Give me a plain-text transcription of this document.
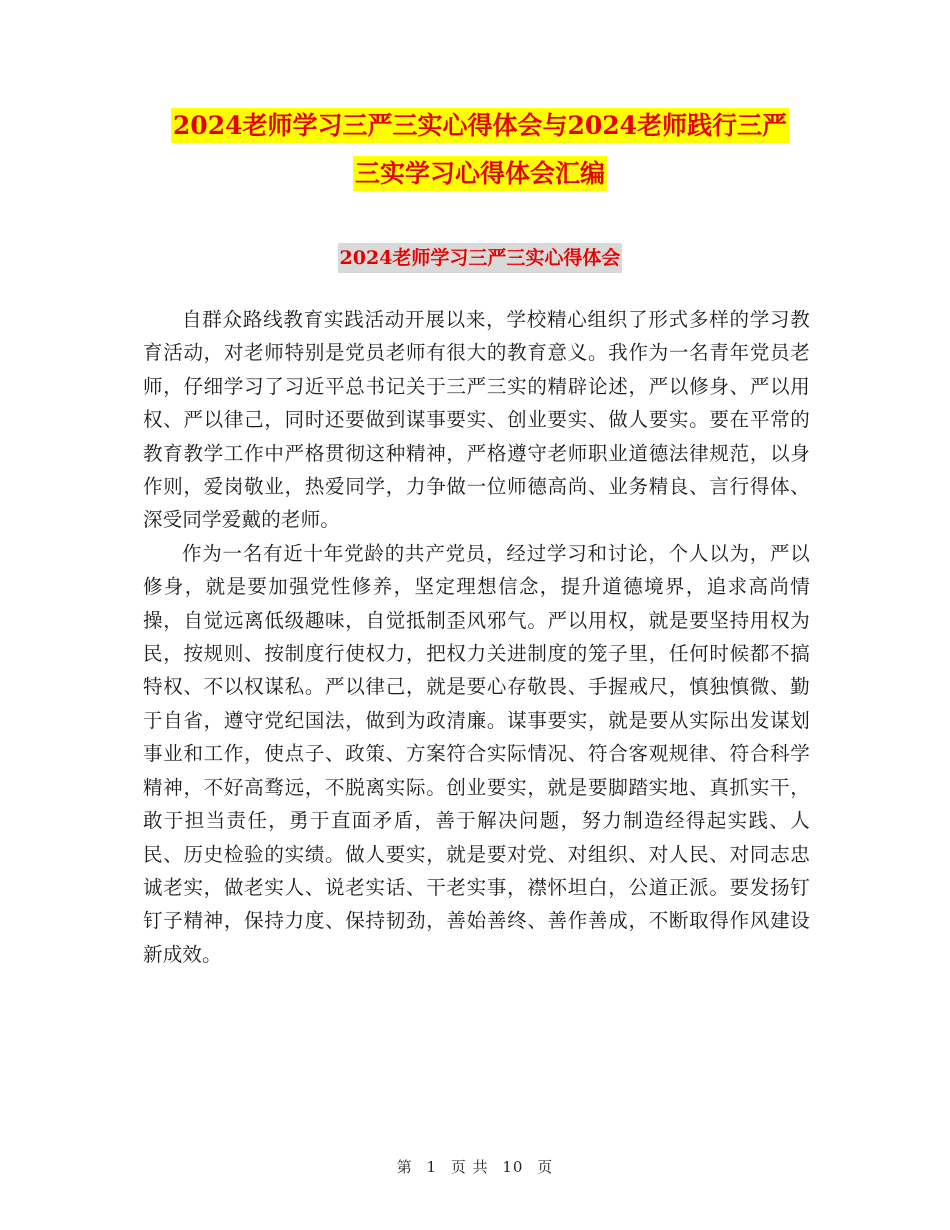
2024老师学习三严三实心得体会与2024老师践行三严
三实学习心得体会汇编
2024老师学习三严三实心得体会

自群众路线教育实践活动开展以来，学校精心组织了形式多样的学习教育活动，对老师特别是党员老师有很大的教育意义。我作为一名青年党员老师，仔细学习了习近平总书记关于三严三实的精辟论述，严以修身、严以用权、严以律己，同时还要做到谋事要实、创业要实、做人要实。要在平常的教育教学工作中严格贯彻这种精神，严格遵守老师职业道德法律规范，以身作则，爱岗敬业，热爱同学，力争做一位师德高尚、业务精良、言行得体、深受同学爱戴的老师。

作为一名有近十年党龄的共产党员，经过学习和讨论，个人以为，严以修身，就是要加强党性修养，坚定理想信念，提升道德境界，追求高尚情操，自觉远离低级趣味，自觉抵制歪风邪气。严以用权，就是要坚持用权为民，按规则、按制度行使权力，把权力关进制度的笼子里，任何时候都不搞特权、不以权谋私。严以律己，就是要心存敬畏、手握戒尺，慎独慎微、勤于自省，遵守党纪国法，做到为政清廉。谋事要实，就是要从实际出发谋划事业和工作，使点子、政策、方案符合实际情况、符合客观规律、符合科学精神，不好高骛远，不脱离实际。创业要实，就是要脚踏实地、真抓实干，敢于担当责任，勇于直面矛盾，善于解决问题，努力制造经得起实践、人民、历史检验的实绩。做人要实，就是要对党、对组织、对人民、对同志忠诚老实，做老实人、说老实话、干老实事，襟怀坦白，公道正派。要发扬钉钉子精神，保持力度、保持韧劲，善始善终、善作善成，不断取得作风建设新成效。

第 1 页 共 10 页
